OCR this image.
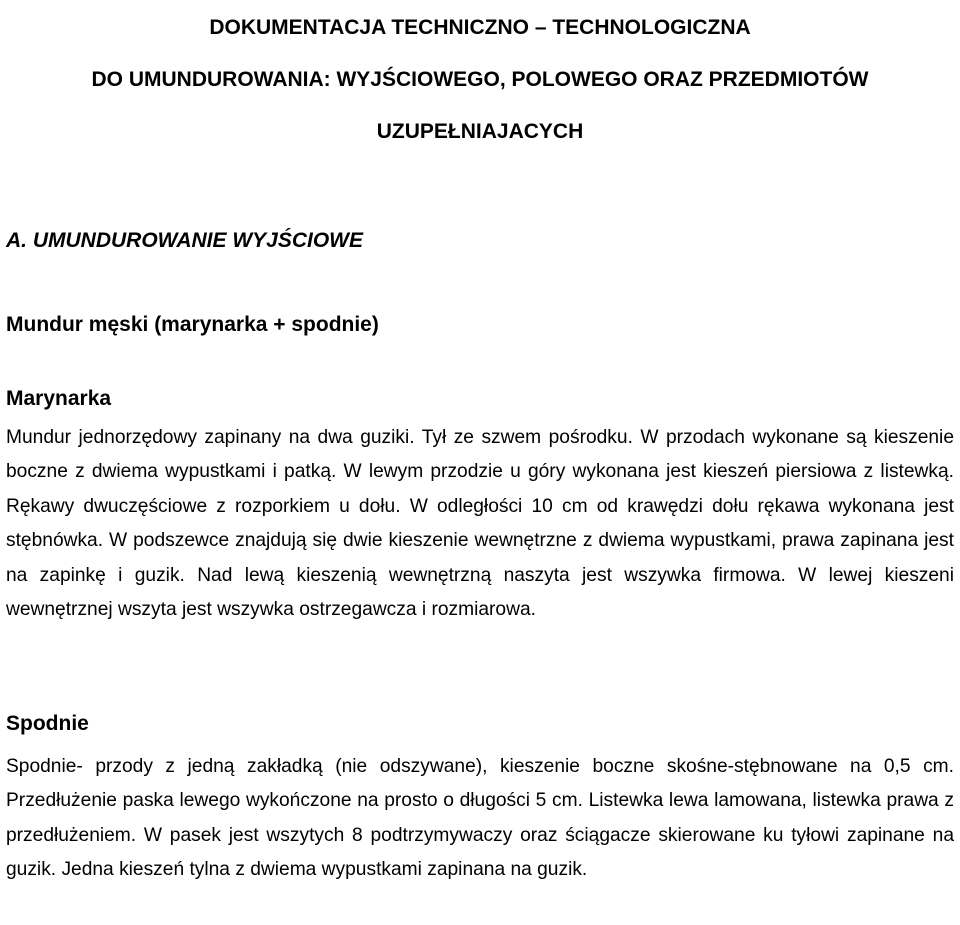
DOKUMENTACJA TECHNICZNO – TECHNOLOGICZNA
DO UMUNDUROWANIA: WYJŚCIOWEGO, POLOWEGO ORAZ PRZEDMIOTÓW
UZUPEŁNIAJACYCH
A. UMUNDUROWANIE WYJŚCIOWE
Mundur męski (marynarka + spodnie)
Marynarka

Mundur jednorzędowy zapinany na dwa guziki. Tył ze szwem pośrodku. W przodach wykonane są kieszenie boczne z dwiema wypustkami i patką. W lewym przodzie u góry wykonana jest kieszeń piersiowa z listewką. Rękawy dwuczęściowe z rozporkiem u dołu. W odległości 10 cm od krawędzi dołu rękawa wykonana jest stębnówka. W podszewce znajdują się dwie kieszenie wewnętrzne z dwiema wypustkami, prawa zapinana jest na zapinkę i guzik. Nad lewą kieszenią wewnętrzną naszyta jest wszywka firmowa. W lewej kieszeni wewnętrznej wszyta jest wszywka ostrzegawcza i rozmiarowa.

Spodnie

Spodnie- przody z jedną zakładką (nie odszywane), kieszenie boczne skośne-stębnowane na 0,5 cm. Przedłużenie paska lewego wykończone na prosto o długości 5 cm. Listewka lewa lamowana, listewka prawa z przedłużeniem. W pasek jest wszytych 8 podtrzymywaczy oraz ściągacze skierowane ku tyłowi zapinane na guzik. Jedna kieszeń tylna z dwiema wypustkami zapinana na guzik.
